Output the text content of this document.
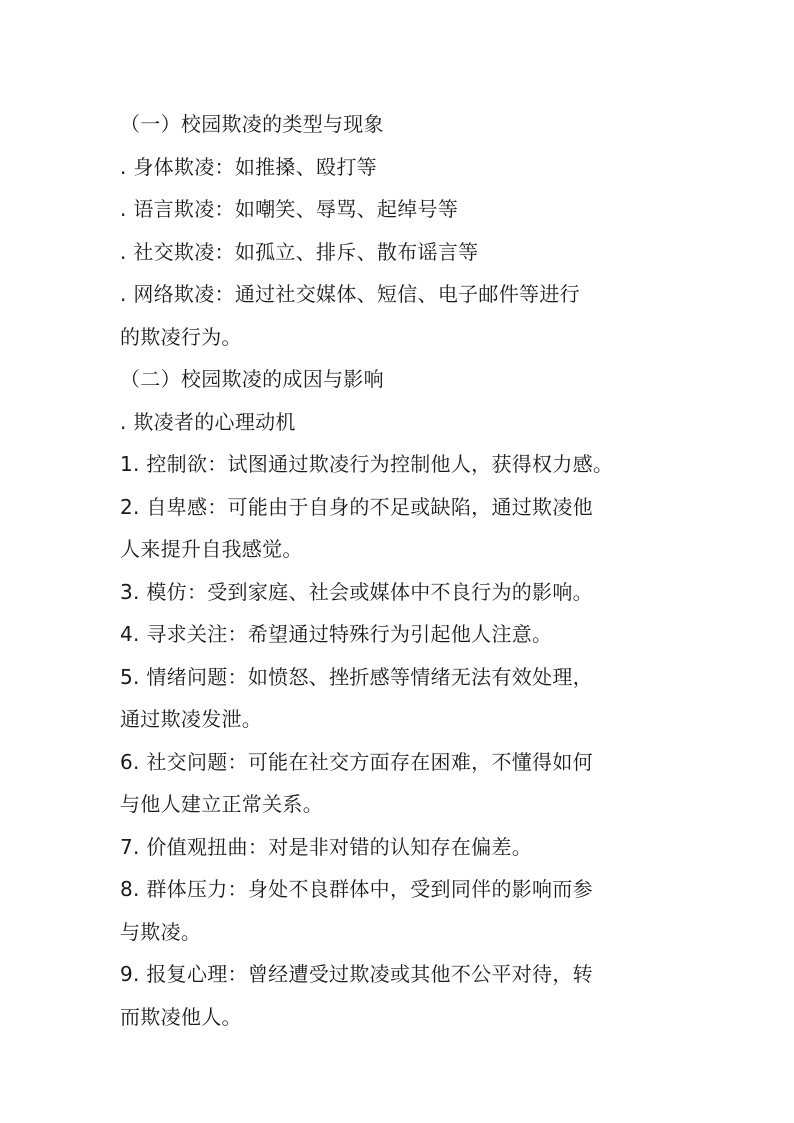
（一）校园欺凌的类型与现象

. 身体欺凌：如推搡、殴打等

. 语言欺凌：如嘲笑、辱骂、起绰号等

. 社交欺凌：如孤立、排斥、散布谣言等

. 网络欺凌：通过社交媒体、短信、电子邮件等进行

的欺凌行为。

（二）校园欺凌的成因与影响

. 欺凌者的心理动机

1. 控制欲：试图通过欺凌行为控制他人，获得权力感。

2. 自卑感：可能由于自身的不足或缺陷，通过欺凌他

人来提升自我感觉。

3. 模仿：受到家庭、社会或媒体中不良行为的影响。

4. 寻求关注：希望通过特殊行为引起他人注意。

5. 情绪问题：如愤怒、挫折感等情绪无法有效处理，

通过欺凌发泄。

6. 社交问题：可能在社交方面存在困难，不懂得如何

与他人建立正常关系。

7. 价值观扭曲：对是非对错的认知存在偏差。

8. 群体压力：身处不良群体中，受到同伴的影响而参

与欺凌。

9. 报复心理：曾经遭受过欺凌或其他不公平对待，转

而欺凌他人。
